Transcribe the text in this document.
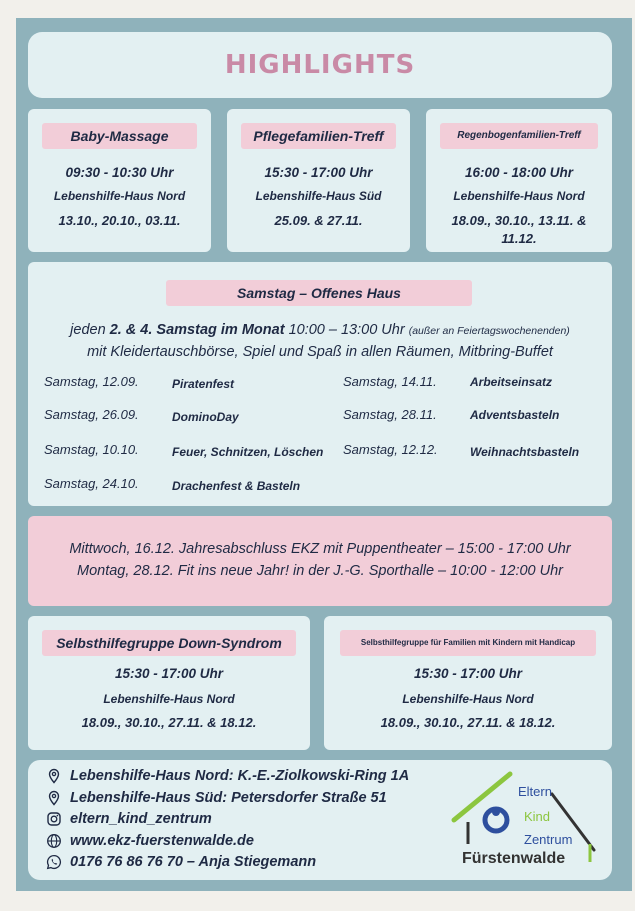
HIGHLIGHTS
Baby-Massage
09:30 - 10:30 Uhr
Lebenshilfe-Haus Nord
13.10., 20.10., 03.11.
Pflegefamilien-Treff
15:30 - 17:00 Uhr
Lebenshilfe-Haus Süd
25.09. & 27.11.
Regenbogenfamilien-Treff
16:00 - 18:00 Uhr
Lebenshilfe-Haus Nord
18.09., 30.10., 13.11. & 11.12.
Samstag – Offenes Haus
jeden 2. & 4. Samstag im Monat 10:00 – 13:00 Uhr (außer an Feiertagswochenenden)
mit Kleidertauschbörse, Spiel und Spaß in allen Räumen, Mitbring-Buffet
Samstag, 12.09.	Piratenfest
Samstag, 26.09.	DominoDay
Samstag, 10.10.	Feuer, Schnitzen, Löschen
Samstag, 24.10.	Drachenfest & Basteln
Samstag, 14.11.	Arbeitseinsatz
Samstag, 28.11.	Adventsbasteln
Samstag, 12.12.	Weihnachtsbasteln
Mittwoch, 16.12. Jahresabschluss EKZ mit Puppentheater – 15:00 - 17:00 Uhr
Montag, 28.12. Fit ins neue Jahr! in der J.-G. Sporthalle – 10:00 - 12:00 Uhr
Selbsthilfegruppe Down-Syndrom
15:30 - 17:00 Uhr
Lebenshilfe-Haus Nord
18.09., 30.10., 27.11. & 18.12.
Selbsthilfegruppe für Familien mit Kindern mit Handicap
15:30 - 17:00 Uhr
Lebenshilfe-Haus Nord
18.09., 30.10., 27.11. & 18.12.
Lebenshilfe-Haus Nord: K.-E.-Ziolkowski-Ring 1A
Lebenshilfe-Haus Süd: Petersdorfer Straße 51
eltern_kind_zentrum
www.ekz-fuerstenwalde.de
0176 76 86 76 70 – Anja Stiegemann
Eltern
Kind
Zentrum
Fürstenwalde
